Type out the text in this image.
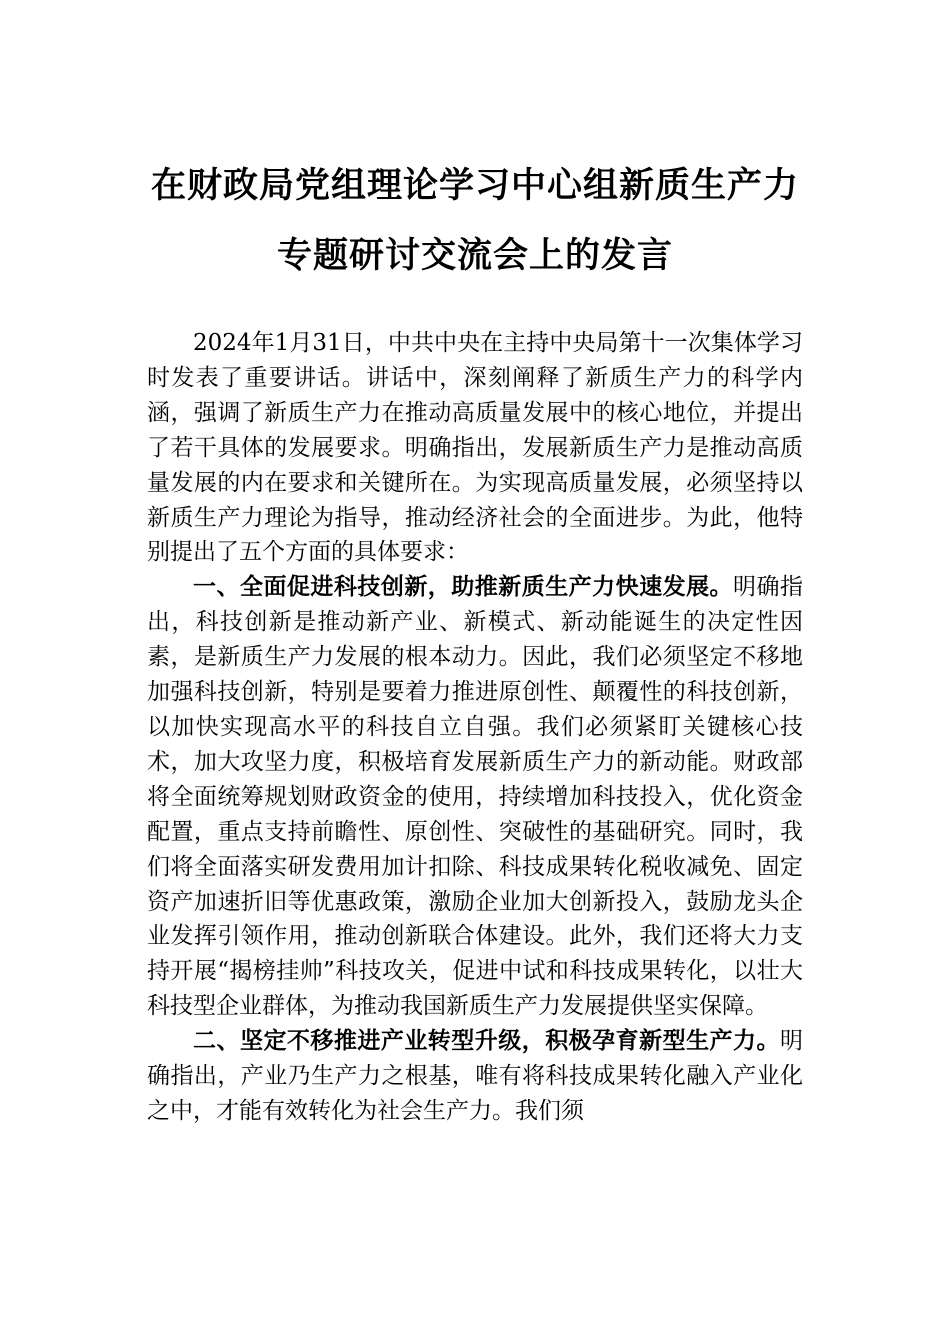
在财政局党组理论学习中心组新质生产力
专题研讨交流会上的发言

2024年1月31日，中共中央在主持中央局第十一次集体学习时发表了重要讲话。讲话中，深刻阐释了新质生产力的科学内涵，强调了新质生产力在推动高质量发展中的核心地位，并提出了若干具体的发展要求。明确指出，发展新质生产力是推动高质量发展的内在要求和关键所在。为实现高质量发展，必须坚持以新质生产力理论为指导，推动经济社会的全面进步。为此，他特别提出了五个方面的具体要求：

一、全面促进科技创新，助推新质生产力快速发展。明确指出，科技创新是推动新产业、新模式、新动能诞生的决定性因素，是新质生产力发展的根本动力。因此，我们必须坚定不移地加强科技创新，特别是要着力推进原创性、颠覆性的科技创新，以加快实现高水平的科技自立自强。我们必须紧盯关键核心技术，加大攻坚力度，积极培育发展新质生产力的新动能。财政部将全面统筹规划财政资金的使用，持续增加科技投入，优化资金配置，重点支持前瞻性、原创性、突破性的基础研究。同时，我们将全面落实研发费用加计扣除、科技成果转化税收减免、固定资产加速折旧等优惠政策，激励企业加大创新投入，鼓励龙头企业发挥引领作用，推动创新联合体建设。此外，我们还将大力支持开展“揭榜挂帅”科技攻关，促进中试和科技成果转化，以壮大科技型企业群体，为推动我国新质生产力发展提供坚实保障。

二、坚定不移推进产业转型升级，积极孕育新型生产力。明确指出，产业乃生产力之根基，唯有将科技成果转化融入产业化之中，才能有效转化为社会生产力。我们须
